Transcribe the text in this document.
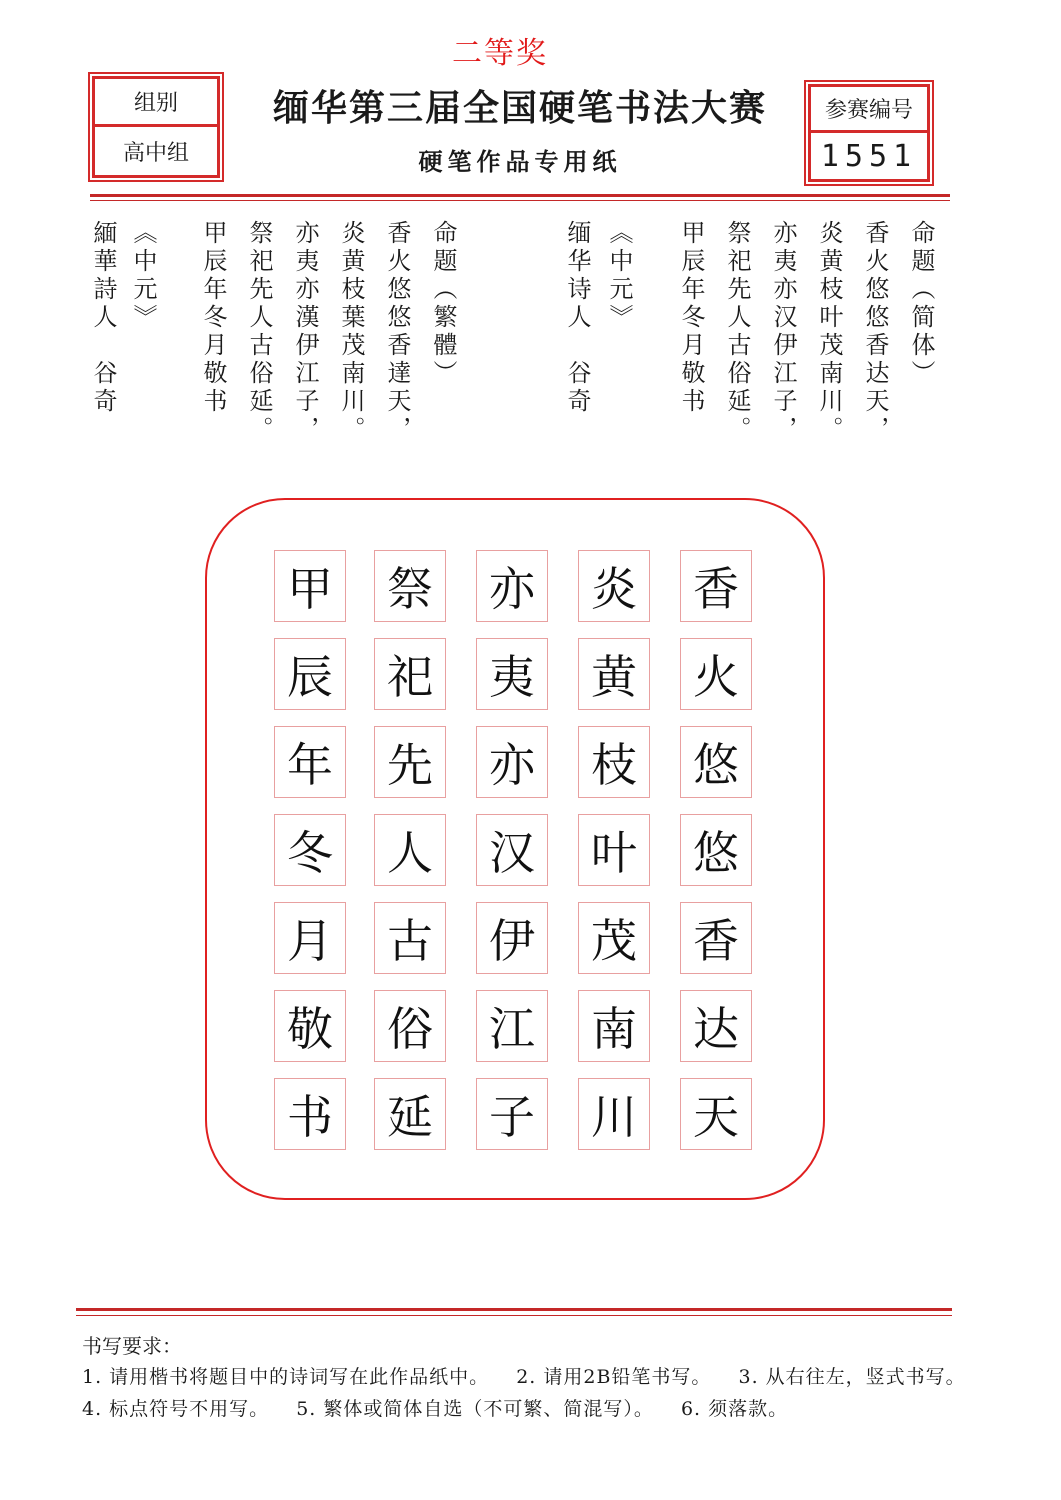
二等奖
组别
高中组
缅华第三届全国硬笔书法大赛
硬笔作品专用纸
参赛编号
1551
命题（简体）
香火悠悠香达天，
炎黄枝叶茂南川。
亦夷亦汉伊江子，
祭祀先人古俗延。
甲辰年冬月敬书
《中元》
缅华诗人　谷奇
命题（繁體）
香火悠悠香達天，
炎黄枝葉茂南川。
亦夷亦漢伊江子，
祭祀先人古俗延。
甲辰年冬月敬书
《中元》
緬華詩人　谷奇
香
火
悠
悠
香
达
天
炎
黄
枝
叶
茂
南
川
亦
夷
亦
汉
伊
江
子
祭
祀
先
人
古
俗
延
甲
辰
年
冬
月
敬
书
书写要求：
1. 请用楷书将题目中的诗词写在此作品纸中。 2. 请用2B铅笔书写。 3. 从右往左，竖式书写。
4. 标点符号不用写。 5. 繁体或简体自选（不可繁、简混写）。 6. 须落款。
